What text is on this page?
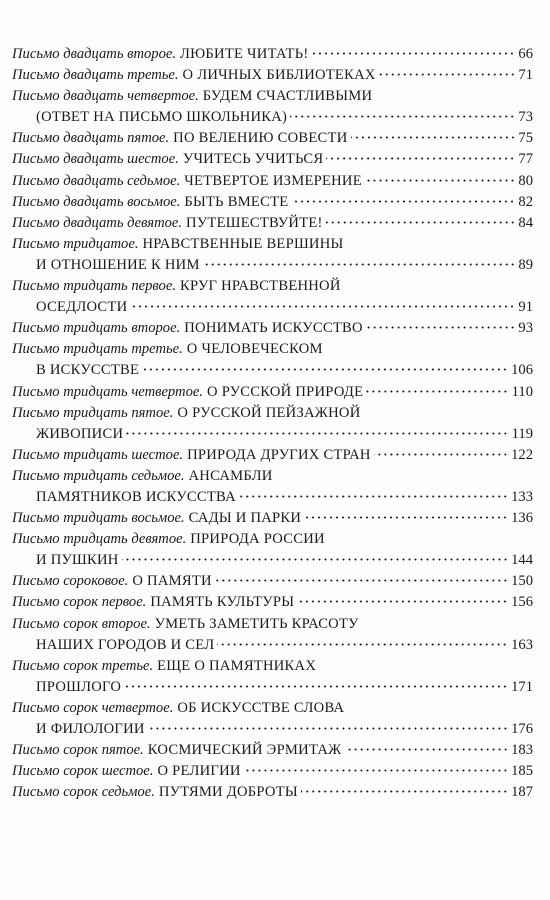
Письмо двадцать второе. ЛЮБИТЕ ЧИТАТЬ!	66
Письмо двадцать третье. О ЛИЧНЫХ БИБЛИОТЕКАХ	71
Письмо двадцать четвертое. БУДЕМ СЧАСТЛИВЫМИ
(ОТВЕТ НА ПИСЬМО ШКОЛЬНИКА)	73
Письмо двадцать пятое. ПО ВЕЛЕНИЮ СОВЕСТИ	75
Письмо двадцать шестое. УЧИТЕСЬ УЧИТЬСЯ	77
Письмо двадцать седьмое. ЧЕТВЕРТОЕ ИЗМЕРЕНИЕ	80
Письмо двадцать восьмое. БЫТЬ ВМЕСТЕ	82
Письмо двадцать девятое. ПУТЕШЕСТВУЙТЕ!	84
Письмо тридцатое. НРАВСТВЕННЫЕ ВЕРШИНЫ
И ОТНОШЕНИЕ К НИМ	89
Письмо тридцать первое. КРУГ НРАВСТВЕННОЙ
ОСЕДЛОСТИ	91
Письмо тридцать второе. ПОНИМАТЬ ИСКУССТВО	93
Письмо тридцать третье. О ЧЕЛОВЕЧЕСКОМ
В ИСКУССТВЕ	106
Письмо тридцать четвертое. О РУССКОЙ ПРИРОДЕ	110
Письмо тридцать пятое. О РУССКОЙ ПЕЙЗАЖНОЙ
ЖИВОПИСИ	119
Письмо тридцать шестое. ПРИРОДА ДРУГИХ СТРАН	122
Письмо тридцать седьмое. АНСАМБЛИ
ПАМЯТНИКОВ ИСКУССТВА	133
Письмо тридцать восьмое. САДЫ И ПАРКИ	136
Письмо тридцать девятое. ПРИРОДА РОССИИ
И ПУШКИН	144
Письмо сороковое. О ПАМЯТИ	150
Письмо сорок первое. ПАМЯТЬ КУЛЬТУРЫ	156
Письмо сорок второе. УМЕТЬ ЗАМЕТИТЬ КРАСОТУ
НАШИХ ГОРОДОВ И СЕЛ	163
Письмо сорок третье. ЕЩЕ О ПАМЯТНИКАХ
ПРОШЛОГО	171
Письмо сорок четвертое. ОБ ИСКУССТВЕ СЛОВА
И ФИЛОЛОГИИ	176
Письмо сорок пятое. КОСМИЧЕСКИЙ ЭРМИТАЖ	183
Письмо сорок шестое. О РЕЛИГИИ	185
Письмо сорок седьмое. ПУТЯМИ ДОБРОТЫ	187
